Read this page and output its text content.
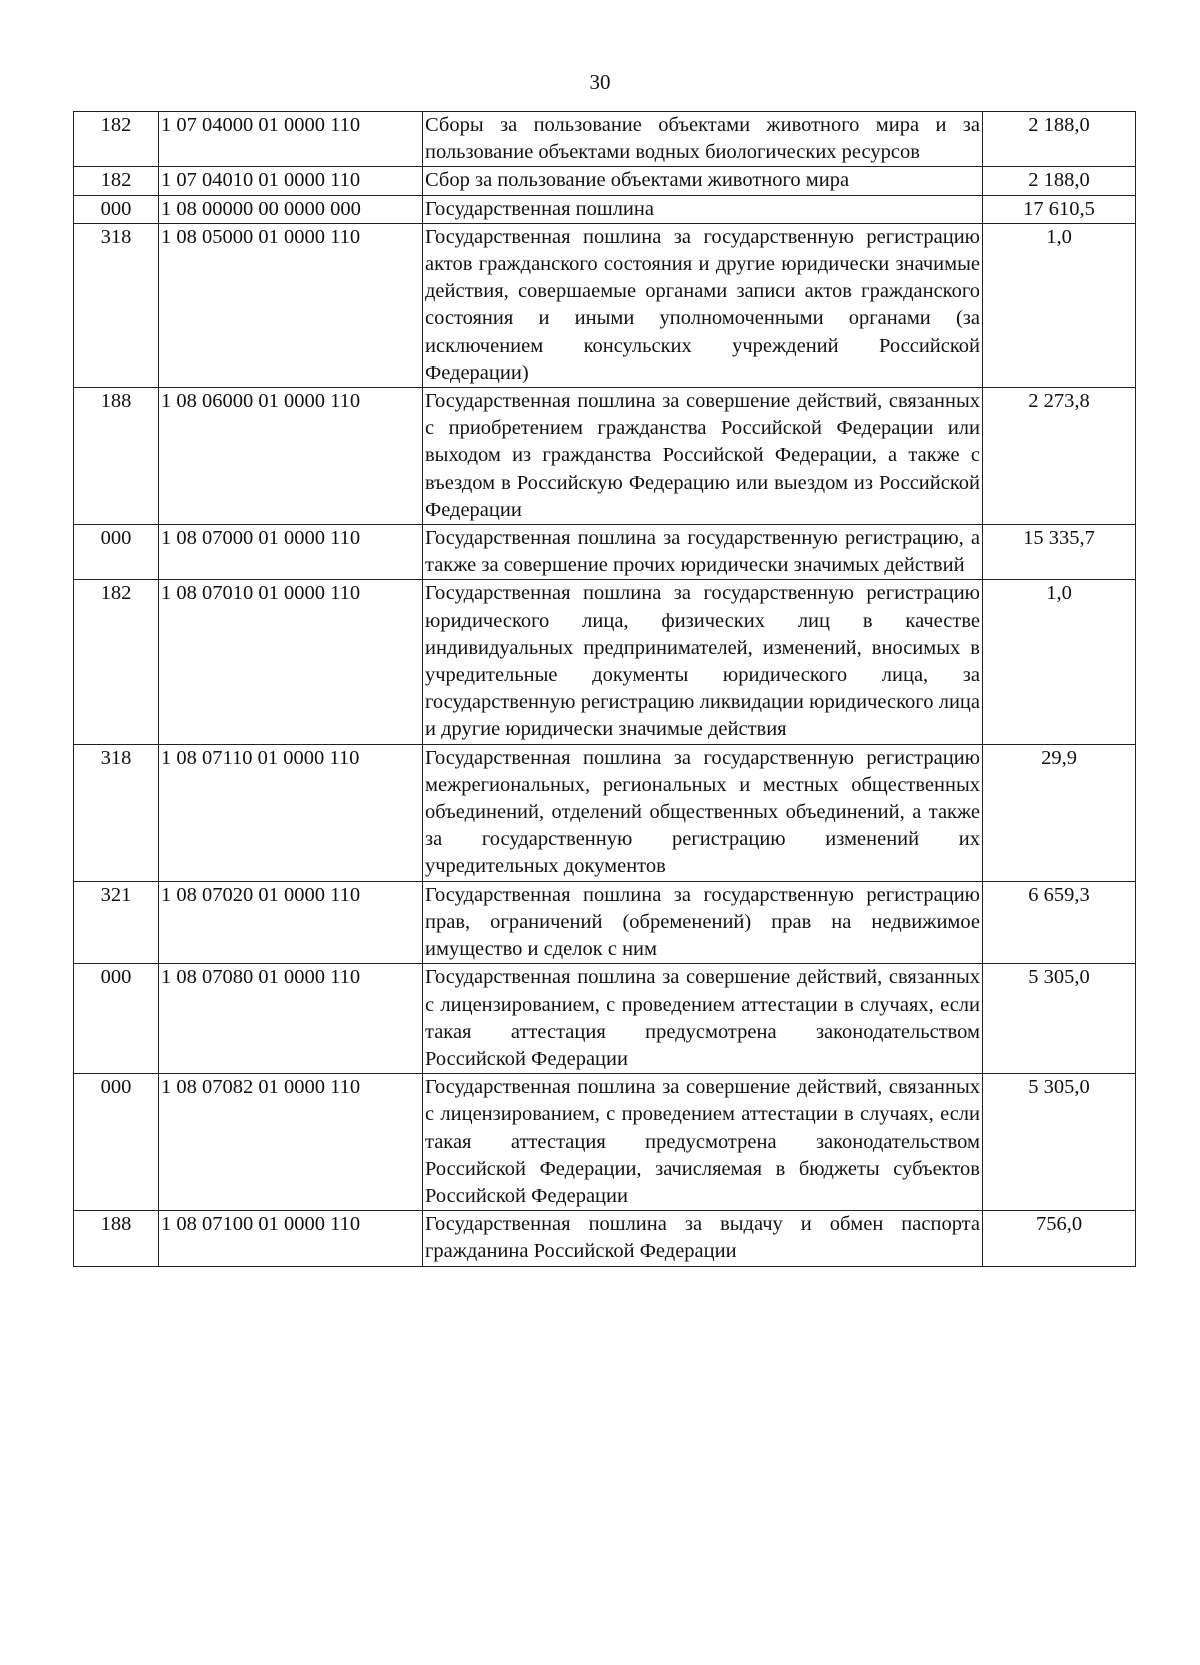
30
182	1 07 04000 01 0000 110	Сборы за пользование объектами животного мира и за пользование объектами водных биологических ресурсов	2 188,0
182	1 07 04010 01 0000 110	Сбор за пользование объектами животного мира	2 188,0
000	1 08 00000 00 0000 000	Государственная пошлина	17 610,5
318	1 08 05000 01 0000 110	Государственная пошлина за государственную регистрацию актов гражданского состояния и другие юридически значимые действия, совершаемые органами записи актов гражданского состояния и иными уполномоченными органами (за исключением консульских учреждений Российской Федерации)	1,0
188	1 08 06000 01 0000 110	Государственная пошлина за совершение действий, связанных с приобретением гражданства Российской Федерации или выходом из гражданства Российской Федерации, а также с въездом в Российскую Федерацию или выездом из Российской Федерации	2 273,8
000	1 08 07000 01 0000 110	Государственная пошлина за государственную регистрацию, а также за совершение прочих юридически значимых действий	15 335,7
182	1 08 07010 01 0000 110	Государственная пошлина за государственную регистрацию юридического лица, физических лиц в качестве индивидуальных предпринимателей, изменений, вносимых в учредительные документы юридического лица, за государственную регистрацию ликвидации юридического лица и другие юридически значимые действия	1,0
318	1 08 07110 01 0000 110	Государственная пошлина за государственную регистрацию межрегиональных, региональных и местных общественных объединений, отделений общественных объединений, а также за государственную регистрацию изменений их учредительных документов	29,9
321	1 08 07020 01 0000 110	Государственная пошлина за государственную регистрацию прав, ограничений (обременений) прав на недвижимое имущество и сделок с ним	6 659,3
000	1 08 07080 01 0000 110	Государственная пошлина за совершение действий, связанных с лицензированием, с проведением аттестации в случаях, если такая аттестация предусмотрена законодательством Российской Федерации	5 305,0
000	1 08 07082 01 0000 110	Государственная пошлина за совершение действий, связанных с лицензированием, с проведением аттестации в случаях, если такая аттестация предусмотрена законодательством Российской Федерации, зачисляемая в бюджеты субъектов Российской Федерации	5 305,0
188	1 08 07100 01 0000 110	Государственная пошлина за выдачу и обмен паспорта гражданина Российской Федерации	756,0
